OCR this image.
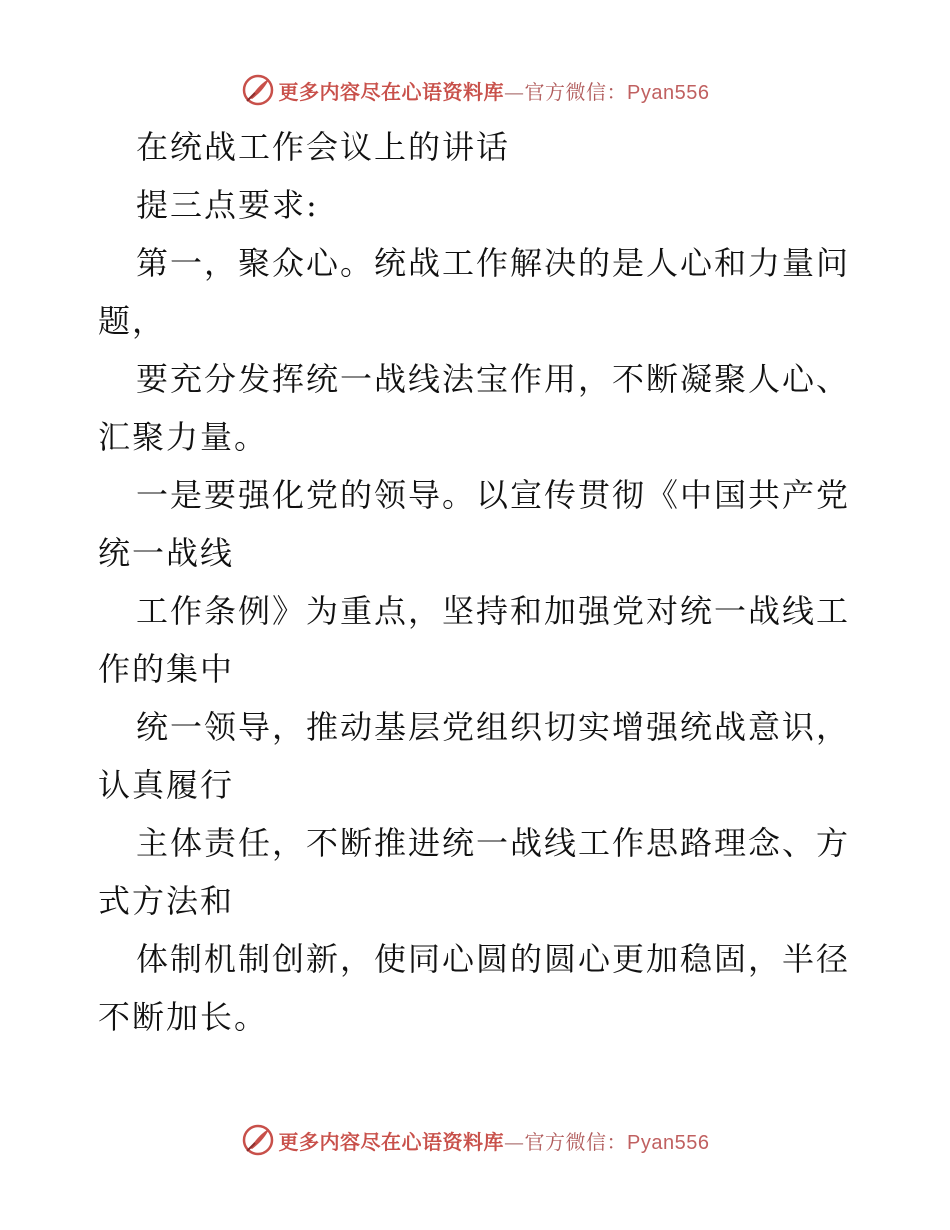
更多内容尽在心语资料库—官方微信：Pyan556
在统战工作会议上的讲话
提三点要求:
第一，聚众心。统战工作解决的是人心和力量问
题，
要充分发挥统一战线法宝作用，不断凝聚人心、
汇聚力量。
一是要强化党的领导。以宣传贯彻《中国共产党
统一战线
工作条例》为重点，坚持和加强党对统一战线工
作的集中
统一领导，推动基层党组织切实增强统战意识，
认真履行
主体责任，不断推进统一战线工作思路理念、方
式方法和
体制机制创新，使同心圆的圆心更加稳固，半径
不断加长。
更多内容尽在心语资料库—官方微信：Pyan556
